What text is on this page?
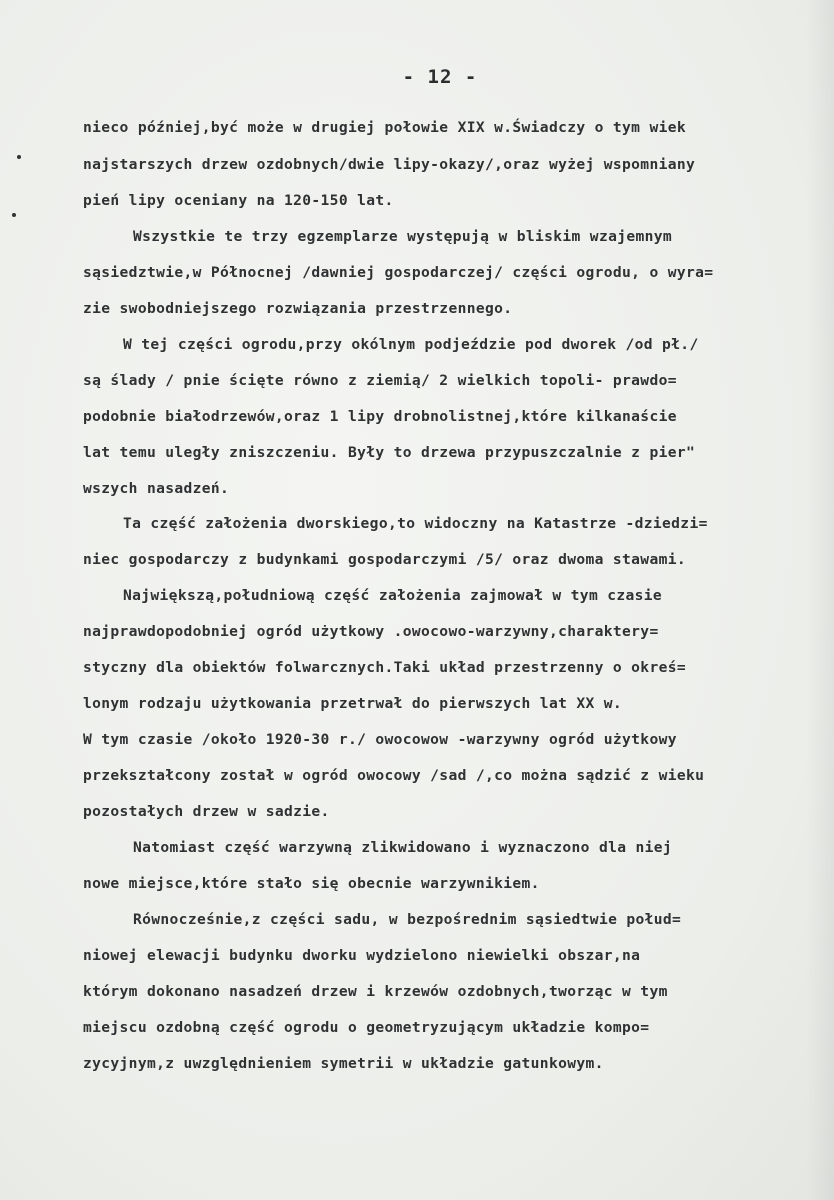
- 12 -
nieco później,być może w drugiej połowie XIX w.Świadczy o tym wiek
najstarszych drzew ozdobnych/dwie lipy-okazy/,oraz wyżej wspomniany
pień lipy oceniany na 120-150 lat.
Wszystkie te trzy egzemplarze występują w bliskim wzajemnym
sąsiedztwie,w Północnej /dawniej gospodarczej/ części ogrodu, o wyra=
zie swobodniejszego rozwiązania przestrzennego.
W tej części ogrodu,przy okólnym podjeździe pod dworek /od pł./
są ślady / pnie ścięte równo z ziemią/ 2 wielkich topoli- prawdo=
podobnie białodrzewów,oraz 1 lipy drobnolistnej,które kilkanaście
lat temu uległy zniszczeniu. Były to drzewa przypuszczalnie z pier"
wszych nasadzeń.
Ta część założenia dworskiego,to widoczny na Katastrze -dziedzi=
niec gospodarczy z budynkami gospodarczymi /5/ oraz dwoma stawami.
Największą,południową część założenia zajmował w tym czasie
najprawdopodobniej ogród użytkowy .owocowo-warzywny,charaktery=
styczny dla obiektów folwarcznych.Taki układ przestrzenny o okreś=
lonym rodzaju użytkowania przetrwał do pierwszych lat XX w.
W tym czasie /około 1920-30 r./ owocowow -warzywny ogród użytkowy
przekształcony został w ogród owocowy /sad /,co można sądzić z wieku
pozostałych drzew w sadzie.
Natomiast część warzywną zlikwidowano i wyznaczono dla niej
nowe miejsce,które stało się obecnie warzywnikiem.
Równocześnie,z części sadu, w bezpośrednim sąsiedtwie połud=
niowej elewacji budynku dworku wydzielono niewielki obszar,na
którym dokonano nasadzeń drzew i krzewów ozdobnych,tworząc w tym
miejscu ozdobną część ogrodu o geometryzującym układzie kompo=
zycyjnym,z uwzględnieniem symetrii w układzie gatunkowym.
